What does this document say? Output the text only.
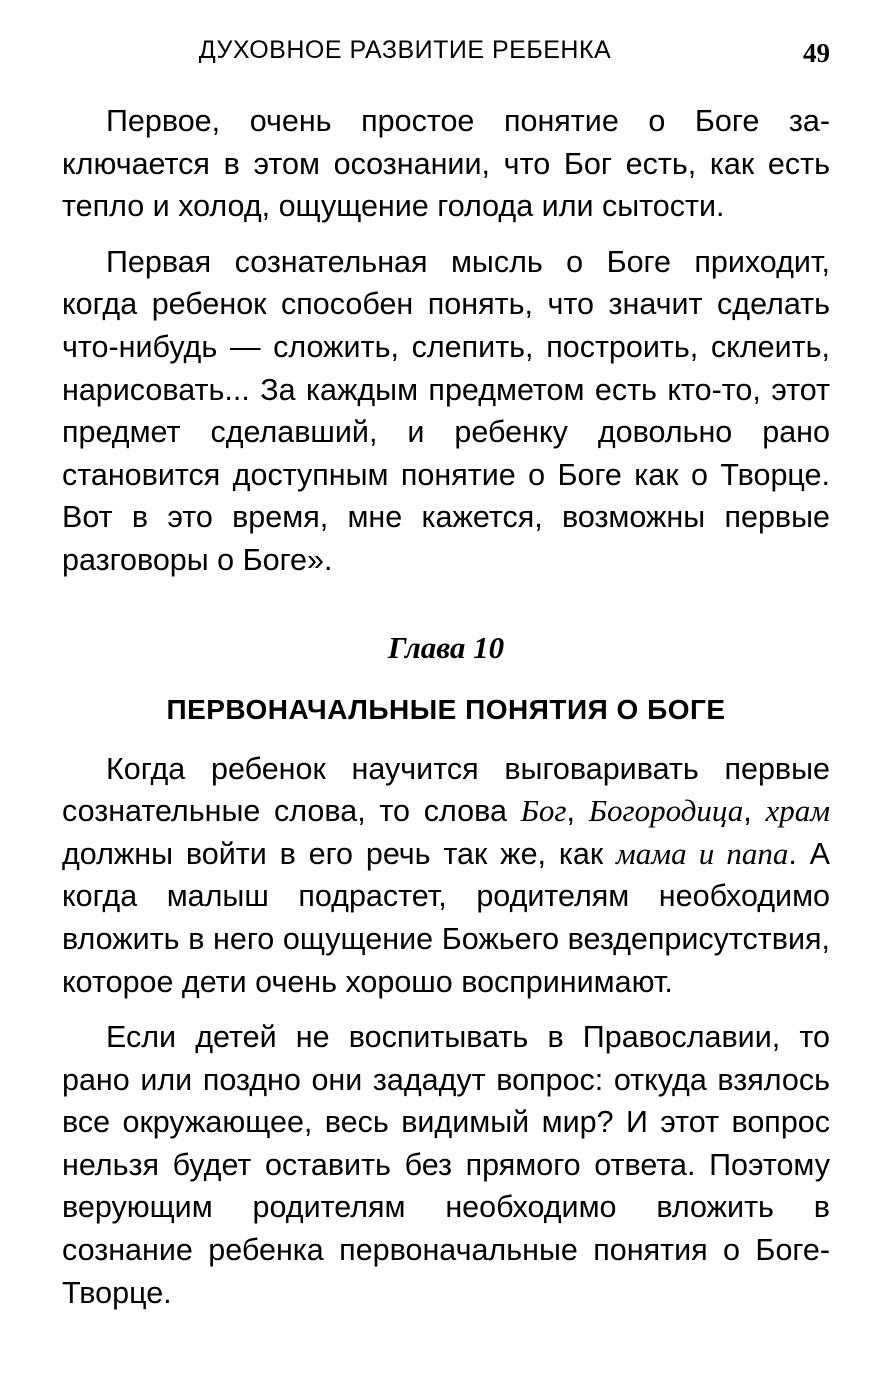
ДУХОВНОЕ РАЗВИТИЕ РЕБЕНКА	49

Первое, очень простое понятие о Боге заключается в этом осознании, что Бог есть, как есть тепло и холод, ощущение голода или сытости.

Первая сознательная мысль о Боге приходит, когда ребенок способен понять, что значит сделать что-нибудь — сложить, слепить, построить, склеить, нарисовать... За каждым предметом есть кто-то, этот предмет сделавший, и ребенку довольно рано становится доступным понятие о Боге как о Творце. Вот в это время, мне кажется, возможны первые разговоры о Боге».

Глава 10
ПЕРВОНАЧАЛЬНЫЕ ПОНЯТИЯ О БОГЕ

Когда ребенок научится выговаривать первые сознательные слова, то слова Бог, Богородица, храм должны войти в его речь так же, как мама и папа. А когда малыш подрастет, родителям необходимо вложить в него ощущение Божьего вездеприсутствия, которое дети очень хорошо воспринимают.

Если детей не воспитывать в Православии, то рано или поздно они зададут вопрос: откуда взялось все окружающее, весь видимый мир? И этот вопрос нельзя будет оставить без прямого ответа. Поэтому верующим родителям необходимо вложить в сознание ребенка первоначальные понятия о Боге-Творце.
